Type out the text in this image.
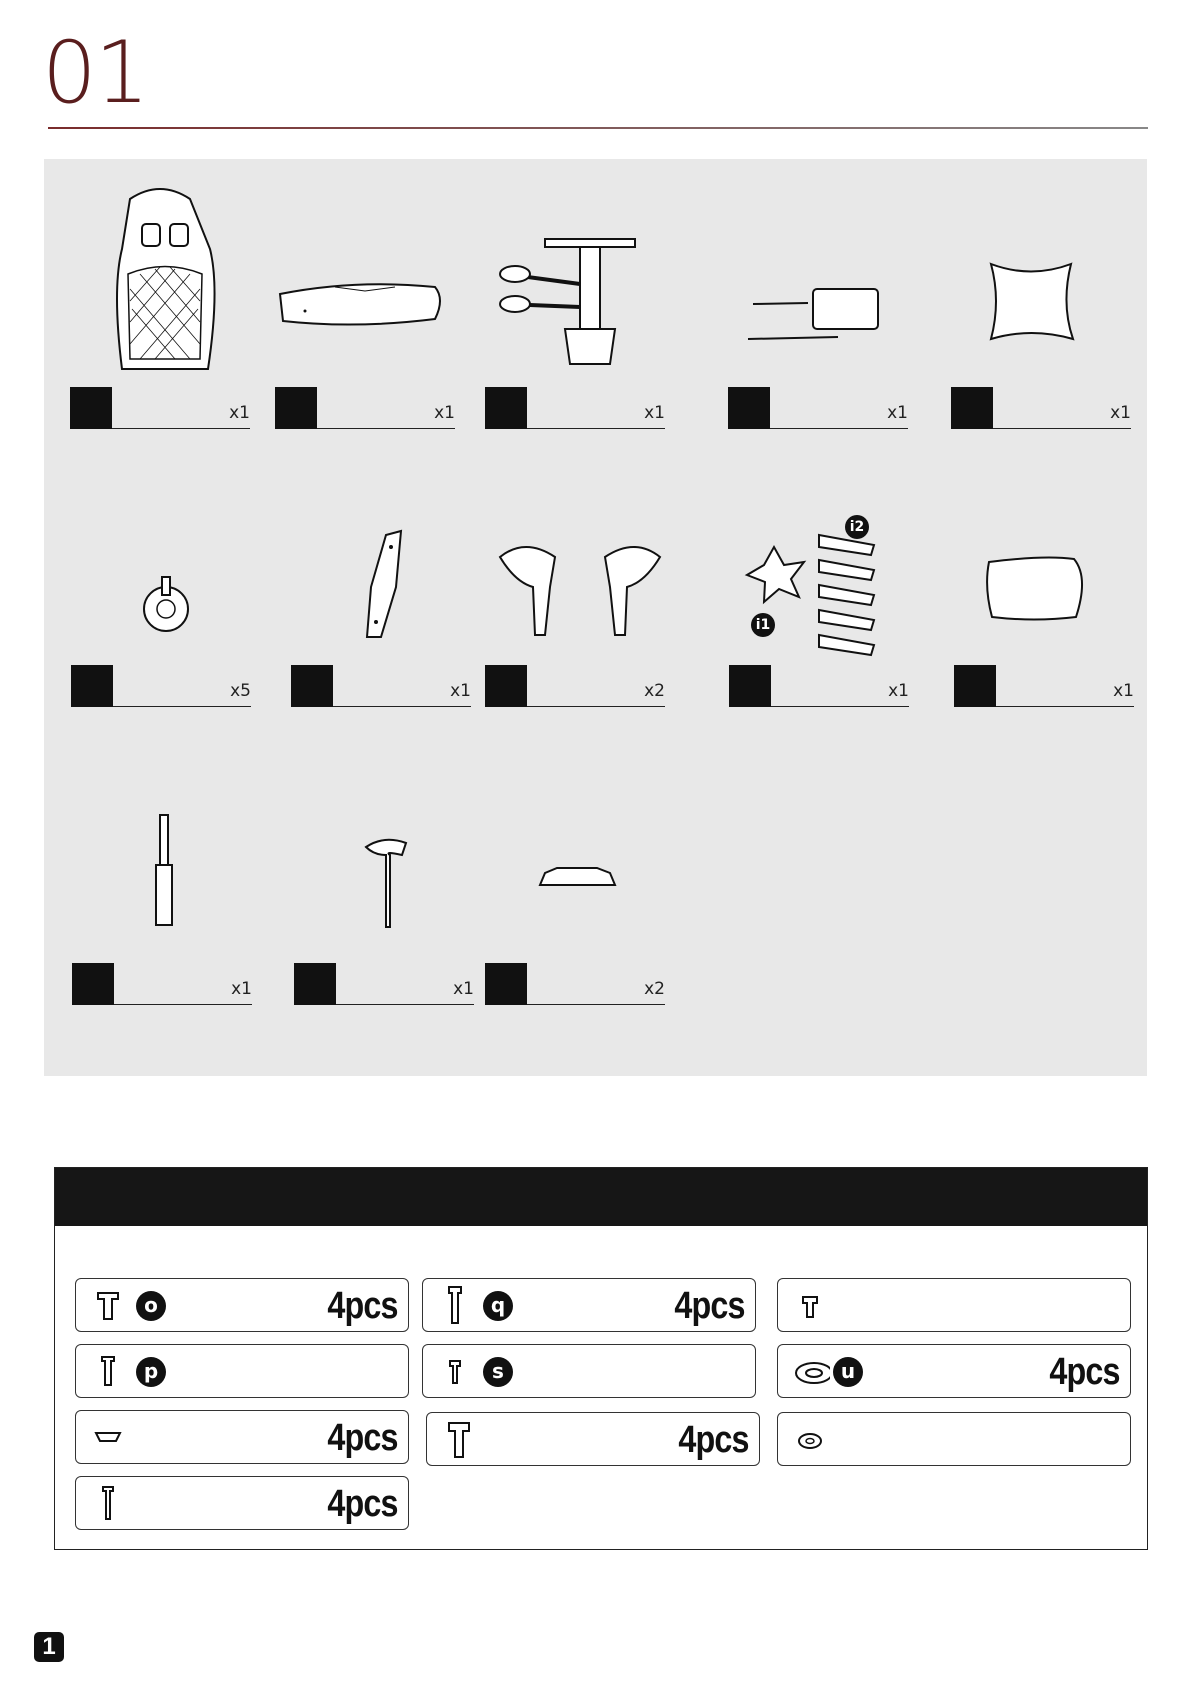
01
x1	x1	x1	x1	x1
x5	x1	x2
i1
i2
x1	x1
x1	x1	x2
o	4pcs
p
4pcs
4pcs
q	4pcs
s
4pcs
u	4pcs
1
